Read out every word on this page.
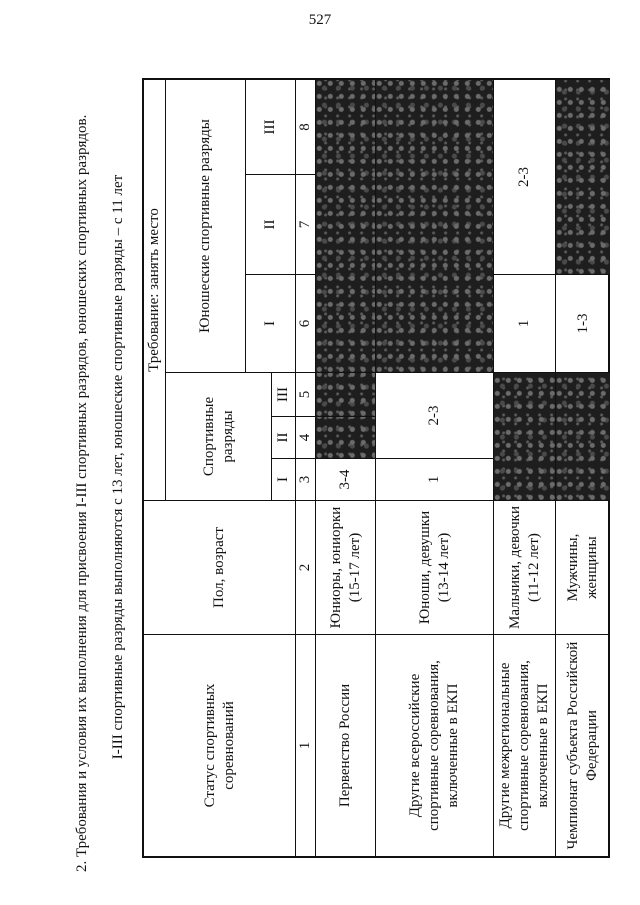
527
2. Требования и условия их выполнения для присвоения I-III спортивных разрядов, юношеских спортивных разрядов. I-III спортивные разряды выполняются с 13 лет, юношеские спортивные разряды – с 11 лет	Статус спортивных соревнований
Пол, возраст
Требование: занять место
Спортивные разряды
Юношеские спортивные разряды
I
II
III
I
II
III
1
2
3
4
5
6
7
8
Первенство России
Юниоры, юниорки (15-17 лет)
3-4
Другие всероссийские спортивные соревнования, включенные в ЕКП
Юноши, девушки (13-14 лет)
1
2-3
Другие межрегиональные спортивные соревнования, включенные в ЕКП
Мальчики, девочки (11-12 лет)
1
2-3
Чемпионат субъекта Российской Федерации
Мужчины, женщины
1-3
